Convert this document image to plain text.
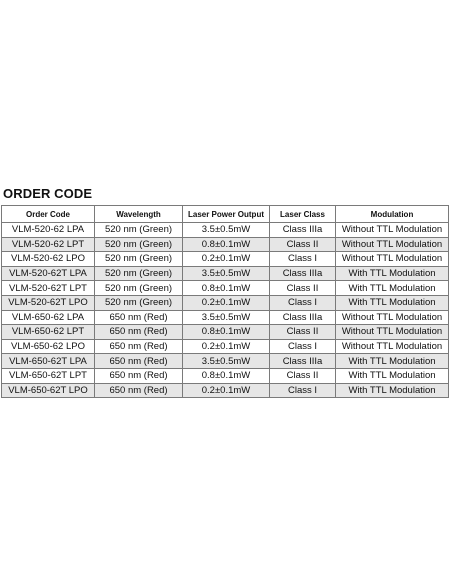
ORDER CODE
Order Code	Wavelength	Laser Power Output	Laser Class	Modulation
VLM-520-62 LPA	520 nm (Green)	3.5±0.5mW	Class IIIa	Without TTL Modulation
VLM-520-62 LPT	520 nm (Green)	0.8±0.1mW	Class II	Without TTL Modulation
VLM-520-62 LPO	520 nm (Green)	0.2±0.1mW	Class I	Without TTL Modulation
VLM-520-62T LPA	520 nm (Green)	3.5±0.5mW	Class IIIa	With TTL Modulation
VLM-520-62T LPT	520 nm (Green)	0.8±0.1mW	Class II	With TTL Modulation
VLM-520-62T LPO	520 nm (Green)	0.2±0.1mW	Class I	With TTL Modulation
VLM-650-62 LPA	650 nm (Red)	3.5±0.5mW	Class IIIa	Without TTL Modulation
VLM-650-62 LPT	650 nm (Red)	0.8±0.1mW	Class II	Without TTL Modulation
VLM-650-62 LPO	650 nm (Red)	0.2±0.1mW	Class I	Without TTL Modulation
VLM-650-62T LPA	650 nm (Red)	3.5±0.5mW	Class IIIa	With TTL Modulation
VLM-650-62T LPT	650 nm (Red)	0.8±0.1mW	Class II	With TTL Modulation
VLM-650-62T LPO	650 nm (Red)	0.2±0.1mW	Class I	With TTL Modulation
